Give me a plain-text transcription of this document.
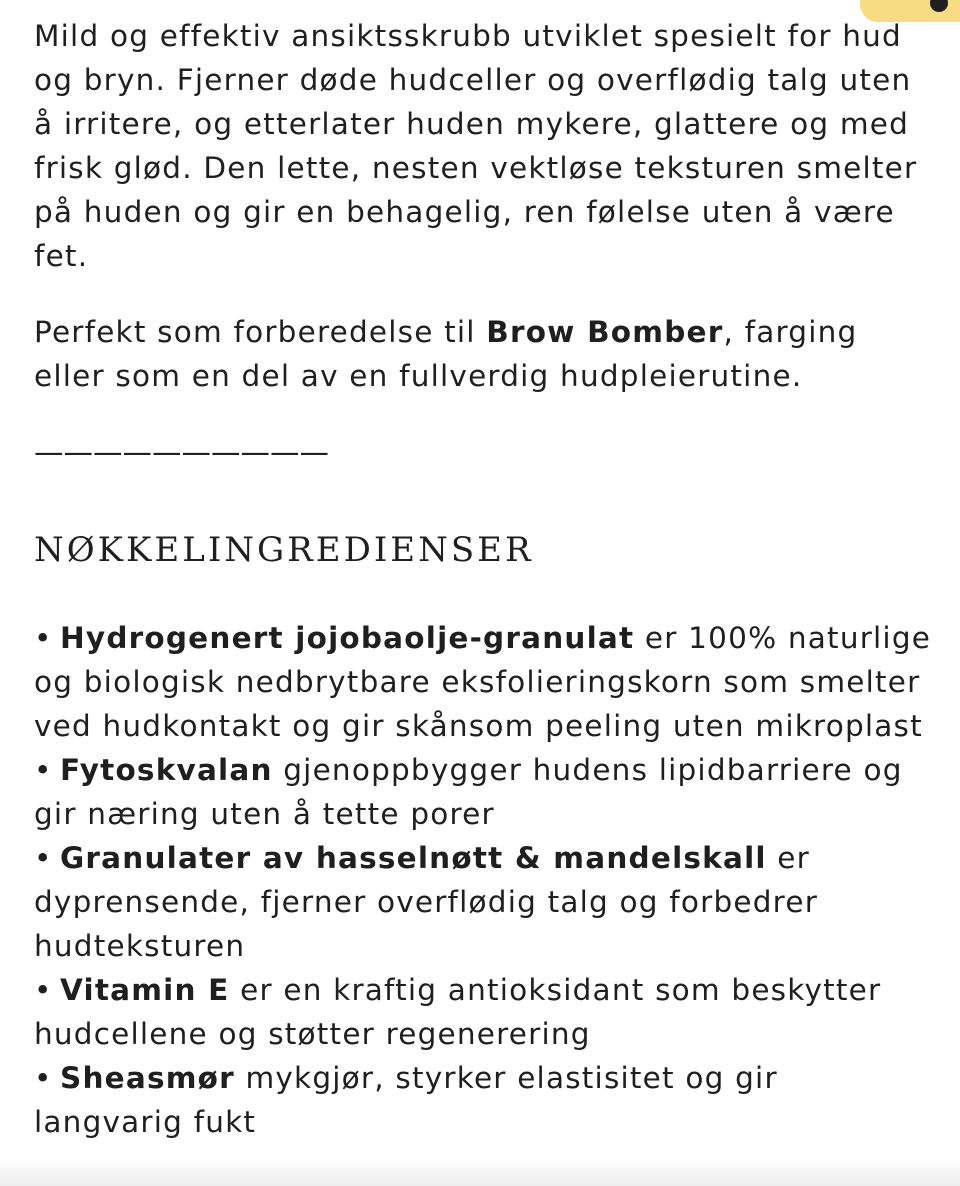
Mild og effektiv ansiktsskrubb utviklet spesielt for hud og bryn. Fjerner døde hudceller og overflødig talg uten å irritere, og etterlater huden mykere, glattere og med frisk glød. Den lette, nesten vektløse teksturen smelter på huden og gir en behagelig, ren følelse uten å være fet.

Perfekt som forberedelse til Brow Bomber, farging eller som en del av en fullverdig hudpleierutine.

——————————
NØKKELINGREDIENSER
• Hydrogenert jojobaolje-granulat er 100% naturlige og biologisk nedbrytbare eksfolieringskorn som smelter ved hudkontakt og gir skånsom peeling uten mikroplast
• Fytoskvalan gjenoppbygger hudens lipidbarriere og gir næring uten å tette porer
• Granulater av hasselnøtt & mandelskall er dyprensende, fjerner overflødig talg og forbedrer hudteksturen
• Vitamin E er en kraftig antioksidant som beskytter hudcellene og støtter regenerering
• Sheasmør mykgjør, styrker elastisitet og gir langvarig fukt
